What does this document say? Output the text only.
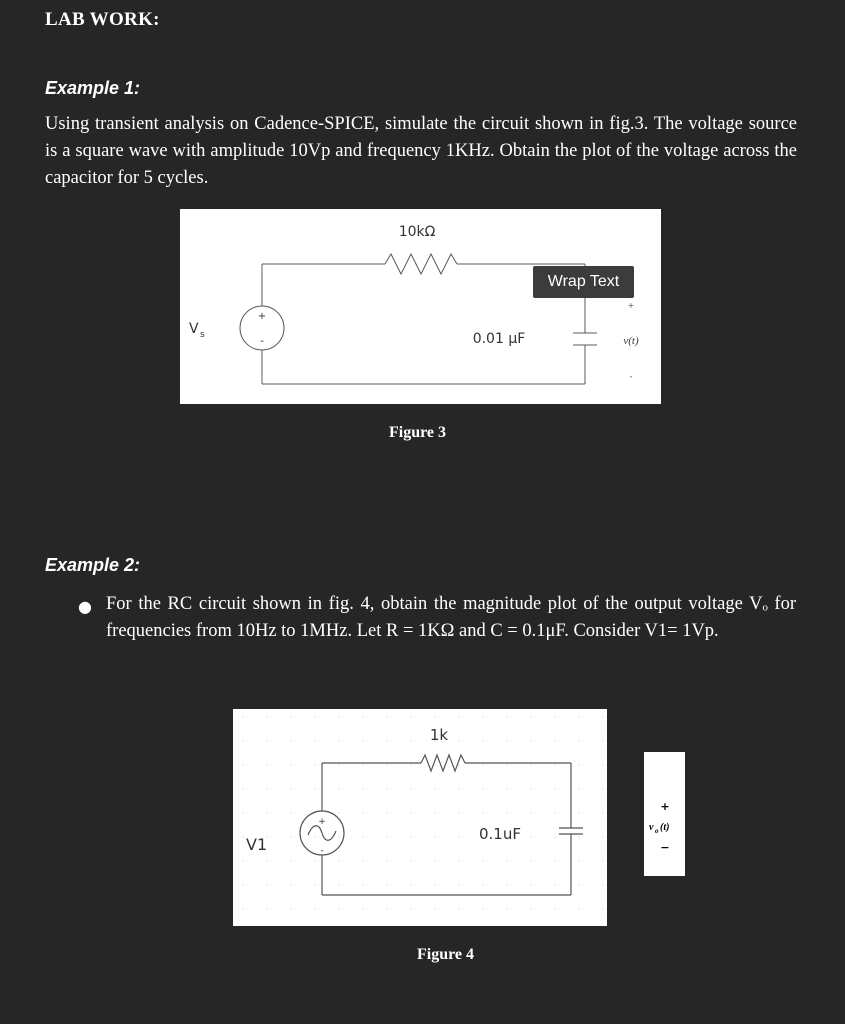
LAB WORK:
Example 1:
Using transient analysis on Cadence-SPICE, simulate the circuit shown in fig.3. The voltage source is a square wave with amplitude 10Vp and frequency 1KHz. Obtain the plot of the voltage across the capacitor for 5 cycles.
10kΩ
0.01 μF
V s
+
-
+
v(t)
-
Wrap Text
Figure 3
Example 2:
● For the RC circuit shown in fig. 4, obtain the magnitude plot of the output voltage Vₒ for frequencies from 10Hz to 1MHz. Let R = 1KΩ and C = 0.1μF. Consider V1= 1Vp.
1k
0.1uF
V1
+
-
+
v o (t)
−
Figure 4
